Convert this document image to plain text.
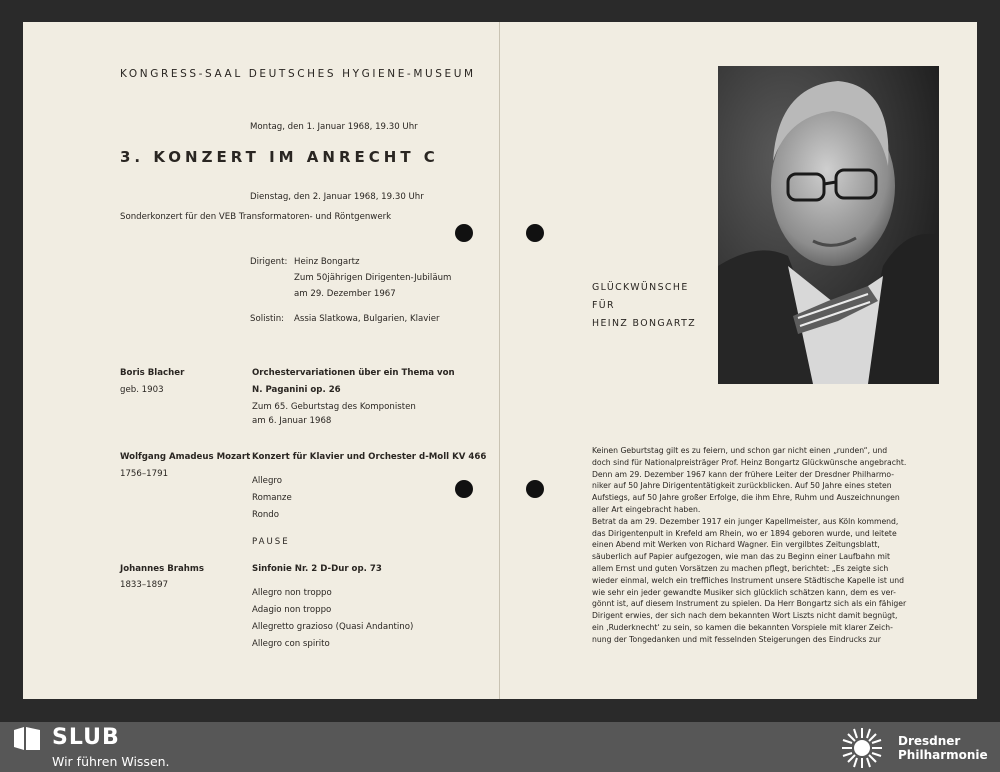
KONGRESS-SAAL DEUTSCHES HYGIENE-MUSEUM
Montag, den 1. Januar 1968, 19.30 Uhr
3. KONZERT IM ANRECHT C
Dienstag, den 2. Januar 1968, 19.30 Uhr
Sonderkonzert für den VEB Transformatoren- und Röntgenwerk
Dirigent: Heinz Bongartz
Zum 50jährigen Dirigenten-Jubiläum
am 29. Dezember 1967
Solistin: Assia Slatkowa, Bulgarien, Klavier
Boris Blacher
geb. 1903
Orchestervariationen über ein Thema von
N. Paganini op. 26
Zum 65. Geburtstag des Komponisten
am 6. Januar 1968
Wolfgang Amadeus Mozart
1756–1791
Konzert für Klavier und Orchester d-Moll KV 466
Allegro
Romanze
Rondo
PAUSE
Johannes Brahms
1833–1897
Sinfonie Nr. 2 D-Dur op. 73
Allegro non troppo
Adagio non troppo
Allegretto grazioso (Quasi Andantino)
Allegro con spirito
GLÜCKWÜNSCHE
FÜR
HEINZ BONGARTZ
Keinen Geburtstag gilt es zu feiern, und schon gar nicht einen „runden“, und
doch sind für Nationalpreisträger Prof. Heinz Bongartz Glückwünsche angebracht.
Denn am 29. Dezember 1967 kann der frühere Leiter der Dresdner Philharmo-
niker auf 50 Jahre Dirigententätigkeit zurückblicken. Auf 50 Jahre eines steten
Aufstiegs, auf 50 Jahre großer Erfolge, die ihm Ehre, Ruhm und Auszeichnungen
aller Art eingebracht haben.
Betrat da am 29. Dezember 1917 ein junger Kapellmeister, aus Köln kommend,
das Dirigentenpult in Krefeld am Rhein, wo er 1894 geboren wurde, und leitete
einen Abend mit Werken von Richard Wagner. Ein vergilbtes Zeitungsblatt,
säuberlich auf Papier aufgezogen, wie man das zu Beginn einer Laufbahn mit
allem Ernst und guten Vorsätzen zu machen pflegt, berichtet: „Es zeigte sich
wieder einmal, welch ein treffliches Instrument unsere Städtische Kapelle ist und
wie sehr ein jeder gewandte Musiker sich glücklich schätzen kann, dem es ver-
gönnt ist, auf diesem Instrument zu spielen. Da Herr Bongartz sich als ein fähiger
Dirigent erwies, der sich nach dem bekannten Wort Liszts nicht damit begnügt,
ein ‚Ruderknecht‘ zu sein, so kamen die bekannten Vorspiele mit klarer Zeich-
nung der Tongedanken und mit fesselnden Steigerungen des Eindrucks zur
SLUB
Wir führen Wissen.
Dresdner
Philharmonie
